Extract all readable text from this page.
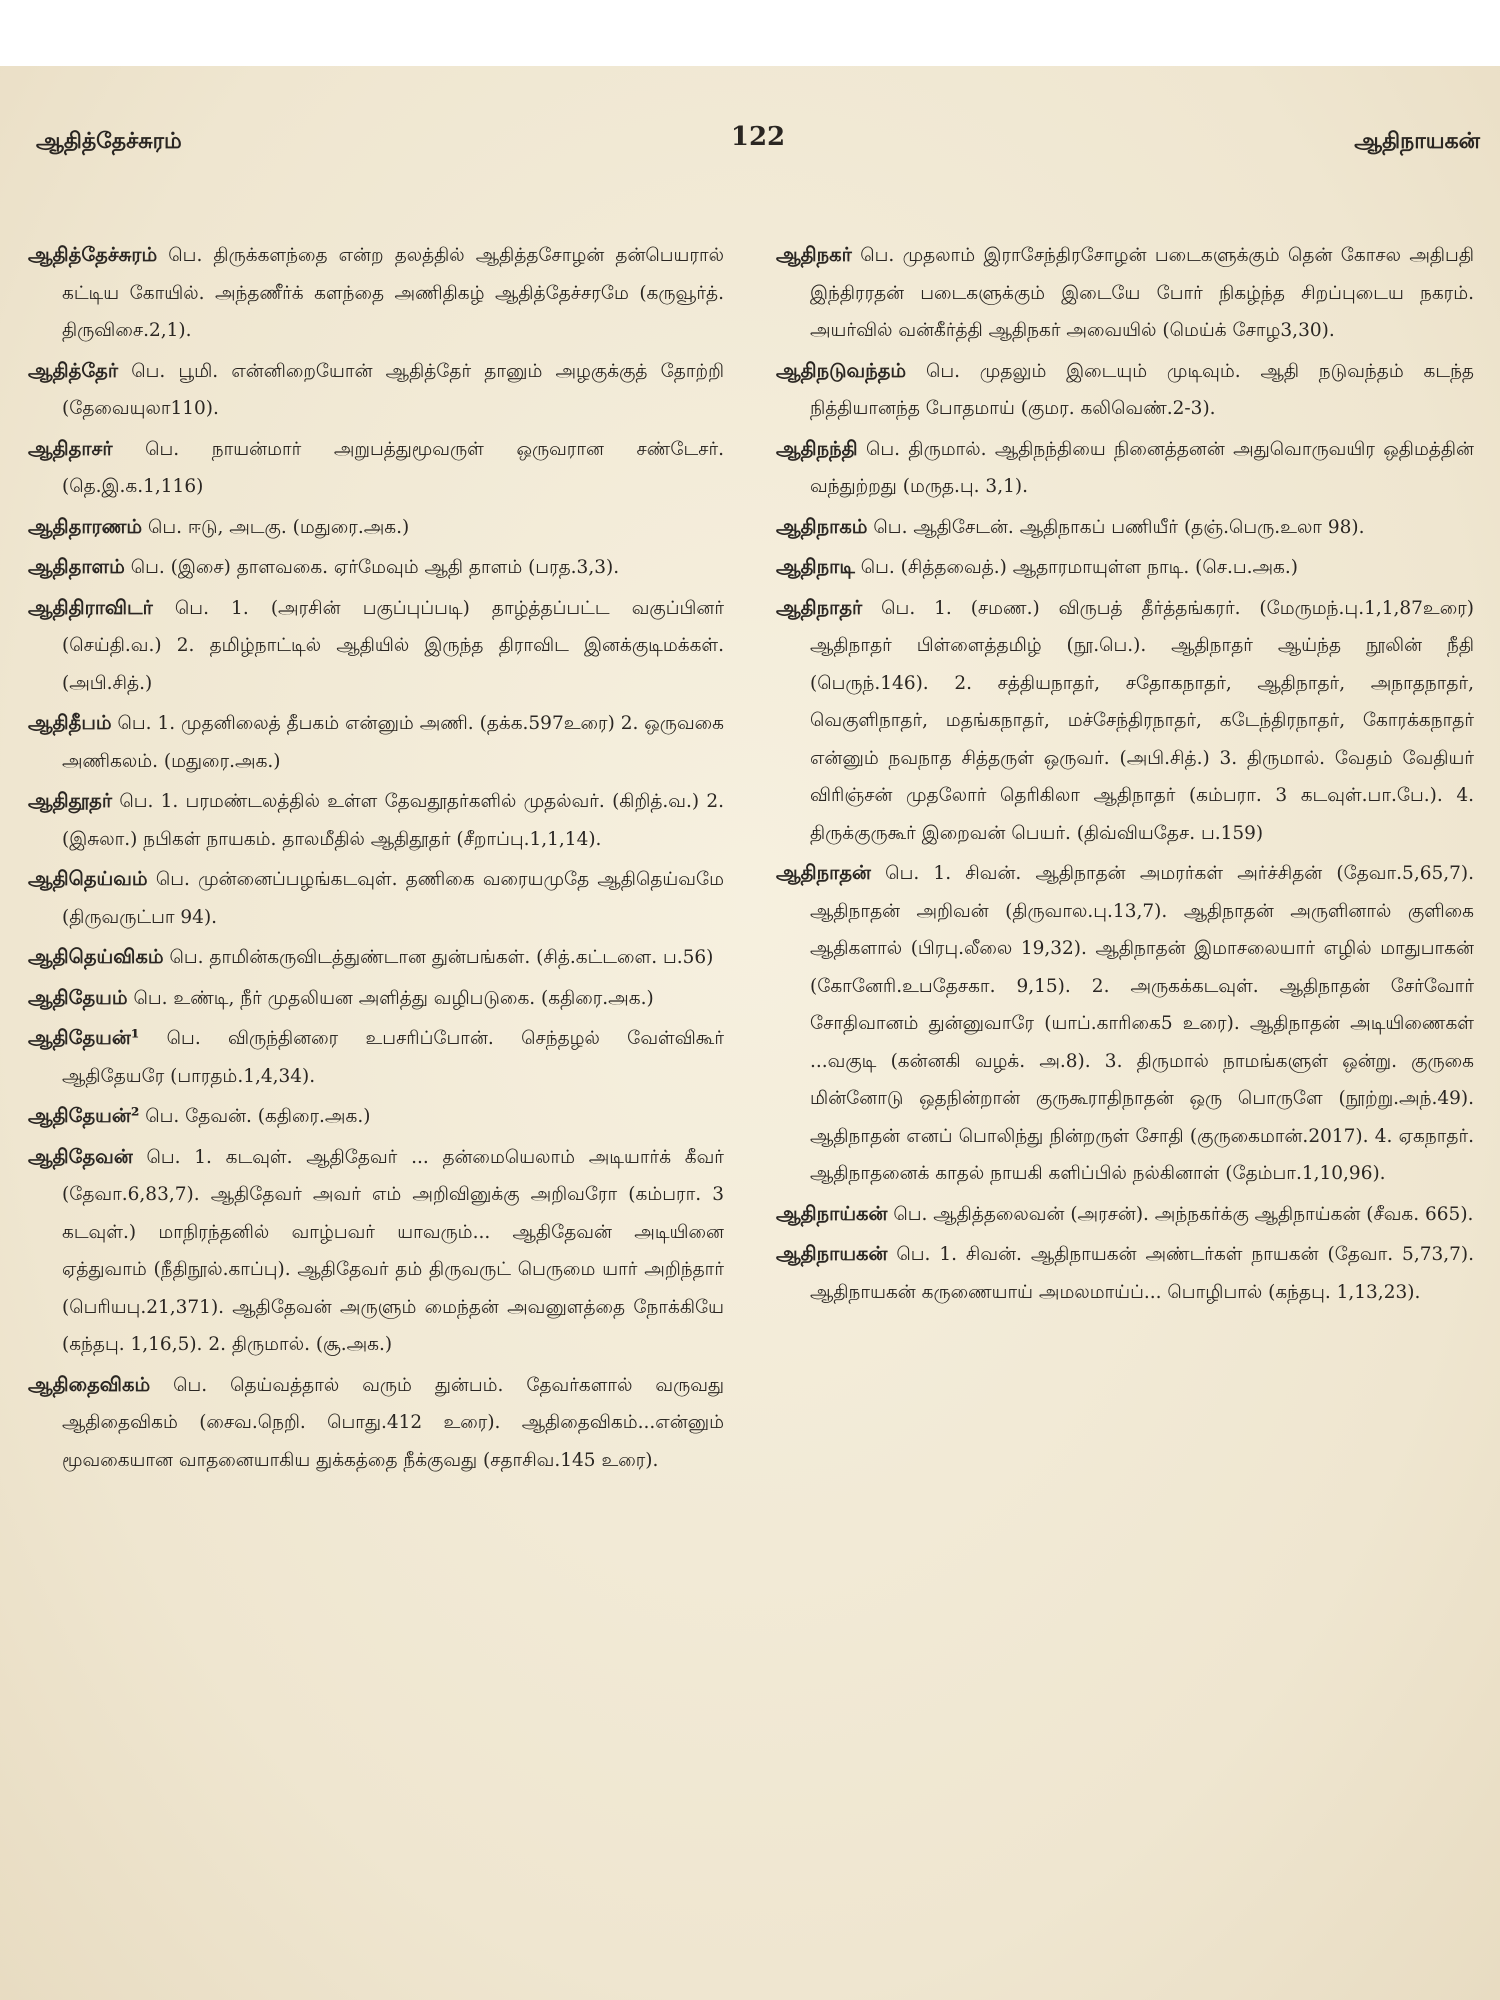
ஆதித்தேச்சுரம்	122	ஆதிநாயகன்

ஆதித்தேச்சுரம் பெ. திருக்களந்தை என்ற தலத்தில் ஆதித்தசோழன் தன்பெயரால் கட்டிய கோயில். அந்தணீர்க் களந்தை அணிதிகழ் ஆதித்தேச்சரமே (கருவூர்த். திருவிசை.2,1).

ஆதித்தேர் பெ. பூமி. என்னிறையோன் ஆதித்தேர் தானும் அழகுக்குத் தோற்றி (தேவையுலா110).

ஆதிதாசர் பெ. நாயன்மார் அறுபத்துமூவருள் ஒருவரான சண்டேசர். (தெ.இ.க.1,116)

ஆதிதாரணம் பெ. ஈடு, அடகு. (மதுரை.அக.)

ஆதிதாளம் பெ. (இசை) தாளவகை. ஏர்மேவும் ஆதி தாளம் (பரத.3,3).

ஆதிதிராவிடர் பெ. 1. (அரசின் பகுப்புப்படி) தாழ்த்தப்பட்ட வகுப்பினர் (செய்தி.வ.) 2. தமிழ்நாட்டில் ஆதியில் இருந்த திராவிட இனக்குடிமக்கள். (அபி.சித்.)

ஆதிதீபம் பெ. 1. முதனிலைத் தீபகம் என்னும் அணி. (தக்க.597உரை) 2. ஒருவகை அணிகலம். (மதுரை.அக.)

ஆதிதூதர் பெ. 1. பரமண்டலத்தில் உள்ள தேவதூதர்களில் முதல்வர். (கிறித்.வ.) 2. (இசுலா.) நபிகள் நாயகம். தாலமீதில் ஆதிதூதர் (சீறாப்பு.1,1,14).

ஆதிதெய்வம் பெ. முன்னைப்பழங்கடவுள். தணிகை வரையமுதே ஆதிதெய்வமே (திருவருட்பா 94).

ஆதிதெய்விகம் பெ. தாமின்கருவிடத்துண்டான துன்பங்கள். (சித்.கட்டளை. ப.56)

ஆதிதேயம் பெ. உண்டி, நீர் முதலியன அளித்து வழிபடுகை. (கதிரை.அக.)

ஆதிதேயன்¹ பெ. விருந்தினரை உபசரிப்போன். செந்தழல் வேள்விகூர் ஆதிதேயரே (பாரதம்.1,4,34).

ஆதிதேயன்² பெ. தேவன். (கதிரை.அக.)

ஆதிதேவன் பெ. 1. கடவுள். ஆதிதேவர் ... தன்மையெலாம் அடியார்க் கீவர் (தேவா.6,83,7). ஆதிதேவர் அவர் எம் அறிவினுக்கு அறிவரோ (கம்பரா. 3 கடவுள்.) மாநிரந்தனில் வாழ்பவர் யாவரும்... ஆதிதேவன் அடியினை ஏத்துவாம் (நீதிநூல்.காப்பு). ஆதிதேவர் தம் திருவருட் பெருமை யார் அறிந்தார் (பெரியபு.21,371). ஆதிதேவன் அருளும் மைந்தன் அவனுளத்தை நோக்கியே (கந்தபு. 1,16,5). 2. திருமால். (சூ.அக.)

ஆதிதைவிகம் பெ. தெய்வத்தால் வரும் துன்பம். தேவர்களால் வருவது ஆதிதைவிகம் (சைவ.நெறி. பொது.412 உரை). ஆதிதைவிகம்...என்னும் மூவகையான வாதனையாகிய துக்கத்தை நீக்குவது (சதாசிவ.145 உரை).

ஆதிநகர் பெ. முதலாம் இராசேந்திரசோழன் படைகளுக்கும் தென் கோசல அதிபதி இந்திரரதன் படைகளுக்கும் இடையே போர் நிகழ்ந்த சிறப்புடைய நகரம். அயர்வில் வன்கீர்த்தி ஆதிநகர் அவையில் (மெய்க் சோழ3,30).

ஆதிநடுவந்தம் பெ. முதலும் இடையும் முடிவும். ஆதி நடுவந்தம் கடந்த நித்தியானந்த போதமாய் (குமர. கலிவெண்.2-3).

ஆதிநந்தி பெ. திருமால். ஆதிநந்தியை நினைத்தனன் அதுவொருவயிர ஒதிமத்தின் வந்துற்றது (மருத.பு. 3,1).

ஆதிநாகம் பெ. ஆதிசேடன். ஆதிநாகப் பணியீர் (தஞ்.பெரு.உலா 98).

ஆதிநாடி பெ. (சித்தவைத்.) ஆதாரமாயுள்ள நாடி. (செ.ப.அக.)

ஆதிநாதர் பெ. 1. (சமண.) விருபத் தீர்த்தங்கரர். (மேருமந்.பு.1,1,87உரை) ஆதிநாதர் பிள்ளைத்தமிழ் (நூ.பெ.). ஆதிநாதர் ஆய்ந்த நூலின் நீதி (பெருந்.146). 2. சத்தியநாதர், சதோகநாதர், ஆதிநாதர், அநாதநாதர், வெகுளிநாதர், மதங்கநாதர், மச்சேந்திரநாதர், கடேந்திரநாதர், கோரக்கநாதர் என்னும் நவநாத சித்தருள் ஒருவர். (அபி.சித்.) 3. திருமால். வேதம் வேதியர் விரிஞ்சன் முதலோர் தெரிகிலா ஆதிநாதர் (கம்பரா. 3 கடவுள்.பா.பே.). 4. திருக்குருகூர் இறைவன் பெயர். (திவ்வியதேச. ப.159)

ஆதிநாதன் பெ. 1. சிவன். ஆதிநாதன் அமரர்கள் அர்ச்சிதன் (தேவா.5,65,7). ஆதிநாதன் அறிவன் (திருவால.பு.13,7). ஆதிநாதன் அருளினால் குளிகை ஆதிகளால் (பிரபு.லீலை 19,32). ஆதிநாதன் இமாசலையார் எழில் மாதுபாகன் (கோனேரி.உபதேசகா. 9,15). 2. அருகக்கடவுள். ஆதிநாதன் சேர்வோர் சோதிவானம் துன்னுவாரே (யாப்.காரிகை5 உரை). ஆதிநாதன் அடியிணைகள் ...வகுடி (கன்னகி வழக். அ.8). 3. திருமால் நாமங்களுள் ஒன்று. குருகை மின்னோடு ஒதநின்றான் குருகூராதிநாதன் ஒரு பொருளே (நூற்று.அந்.49). ஆதிநாதன் எனப் பொலிந்து நின்றருள் சோதி (குருகைமான்.2017). 4. ஏகநாதர். ஆதிநாதனைக் காதல் நாயகி களிப்பில் நல்கினாள் (தேம்பா.1,10,96).

ஆதிநாய்கன் பெ. ஆதித்தலைவன் (அரசன்). அந்நகர்க்கு ஆதிநாய்கன் (சீவக. 665).

ஆதிநாயகன் பெ. 1. சிவன். ஆதிநாயகன் அண்டர்கள் நாயகன் (தேவா. 5,73,7). ஆதிநாயகன் கருணையாய் அமலமாய்ப்... பொழிபால் (கந்தபு. 1,13,23).
